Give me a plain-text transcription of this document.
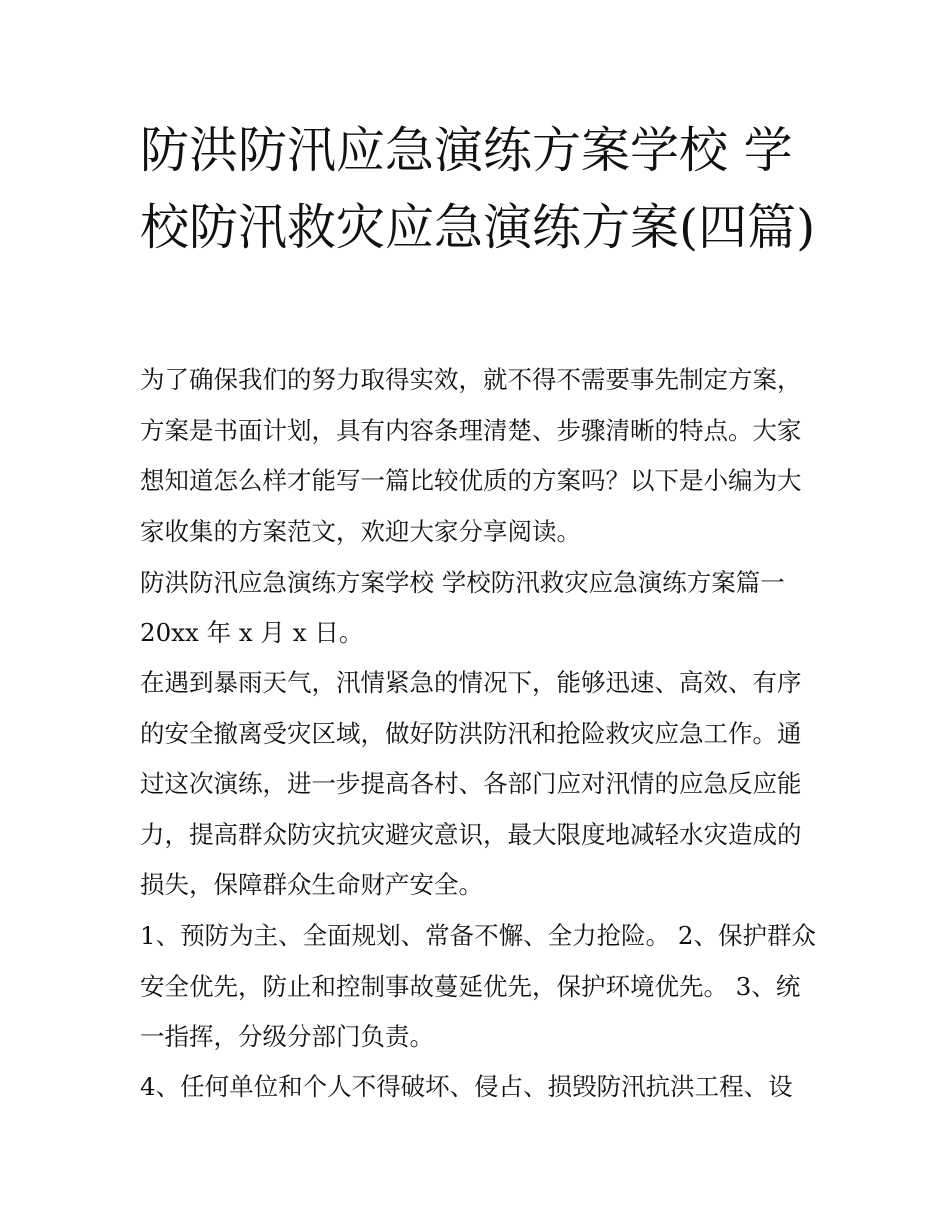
防洪防汛应急演练方案学校 学校防汛救灾应急演练方案(四篇)

为了确保我们的努力取得实效，就不得不需要事先制定方案，方案是书面计划，具有内容条理清楚、步骤清晰的特点。大家想知道怎么样才能写一篇比较优质的方案吗？以下是小编为大家收集的方案范文，欢迎大家分享阅读。

防洪防汛应急演练方案学校 学校防汛救灾应急演练方案篇一

20xx 年 x 月 x 日。

在遇到暴雨天气，汛情紧急的情况下，能够迅速、高效、有序的安全撤离受灾区域，做好防洪防汛和抢险救灾应急工作。通过这次演练，进一步提高各村、各部门应对汛情的应急反应能力，提高群众防灾抗灾避灾意识，最大限度地减轻水灾造成的损失，保障群众生命财产安全。

1、预防为主、全面规划、常备不懈、全力抢险。 2、保护群众安全优先，防止和控制事故蔓延优先，保护环境优先。 3、统一指挥，分级分部门负责。

4、任何单位和个人不得破坏、侵占、损毁防汛抗洪工程、设
